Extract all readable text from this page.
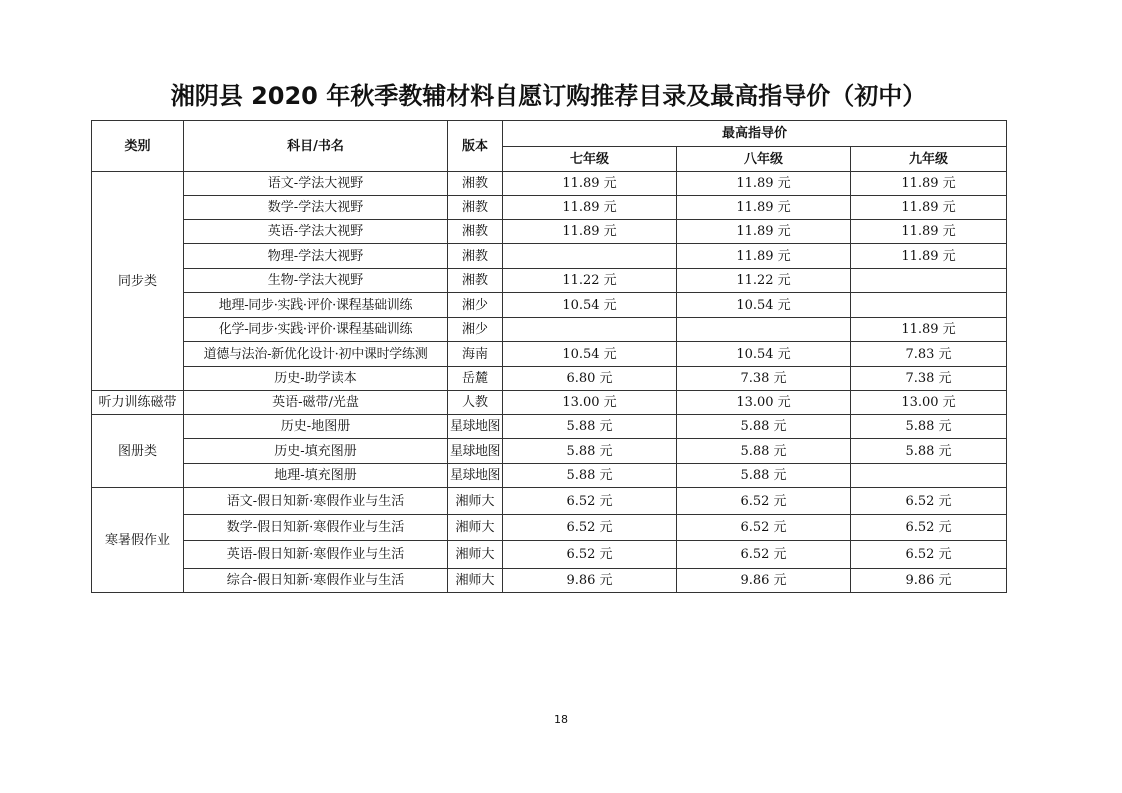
湘阴县 2020 年秋季教辅材料自愿订购推荐目录及最高指导价（初中）
类别	科目/书名	版本	最高指导价		
			七年级	八年级	九年级
同步类	语文-学法大视野	湘教	11.89 元	11.89 元	11.89 元
	数学-学法大视野	湘教	11.89 元	11.89 元	11.89 元
	英语-学法大视野	湘教	11.89 元	11.89 元	11.89 元
	物理-学法大视野	湘教		11.89 元	11.89 元
	生物-学法大视野	湘教	11.22 元	11.22 元	
	地理-同步·实践·评价·课程基础训练	湘少	10.54 元	10.54 元	
	化学-同步·实践·评价·课程基础训练	湘少			11.89 元
	道德与法治-新优化设计·初中课时学练测	海南	10.54 元	10.54 元	7.83 元
	历史-助学读本	岳麓	6.80 元	7.38 元	7.38 元
听力训练磁带	英语-磁带/光盘	人教	13.00 元	13.00 元	13.00 元
图册类	历史-地图册	星球地图	5.88 元	5.88 元	5.88 元
	历史-填充图册	星球地图	5.88 元	5.88 元	5.88 元
	地理-填充图册	星球地图	5.88 元	5.88 元	
寒暑假作业	语文-假日知新·寒假作业与生活	湘师大	6.52 元	6.52 元	6.52 元
	数学-假日知新·寒假作业与生活	湘师大	6.52 元	6.52 元	6.52 元
	英语-假日知新·寒假作业与生活	湘师大	6.52 元	6.52 元	6.52 元
	综合-假日知新·寒假作业与生活	湘师大	9.86 元	9.86 元	9.86 元
18
